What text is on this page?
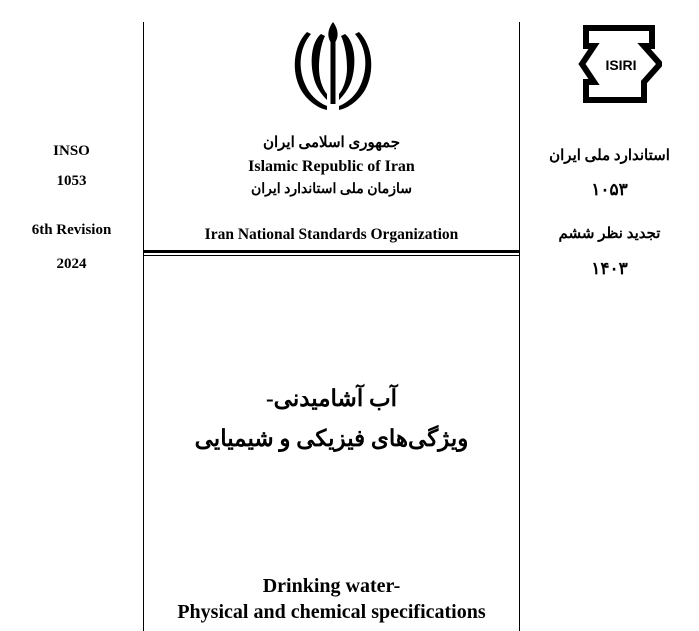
INSO
1053
6th Revision
2024
جمهوری اسلامی ایران
Islamic Republic of Iran
سازمان ملی استاندارد ایران
Iran National Standards Organization
آب آشامیدنی-
ویژگی‌های فیزیکی و شیمیایی
Drinking water-
Physical and chemical specifications
ISIRI
استاندارد ملی ایران
۱۰۵۳
تجدید نظر ششم
۱۴۰۳
